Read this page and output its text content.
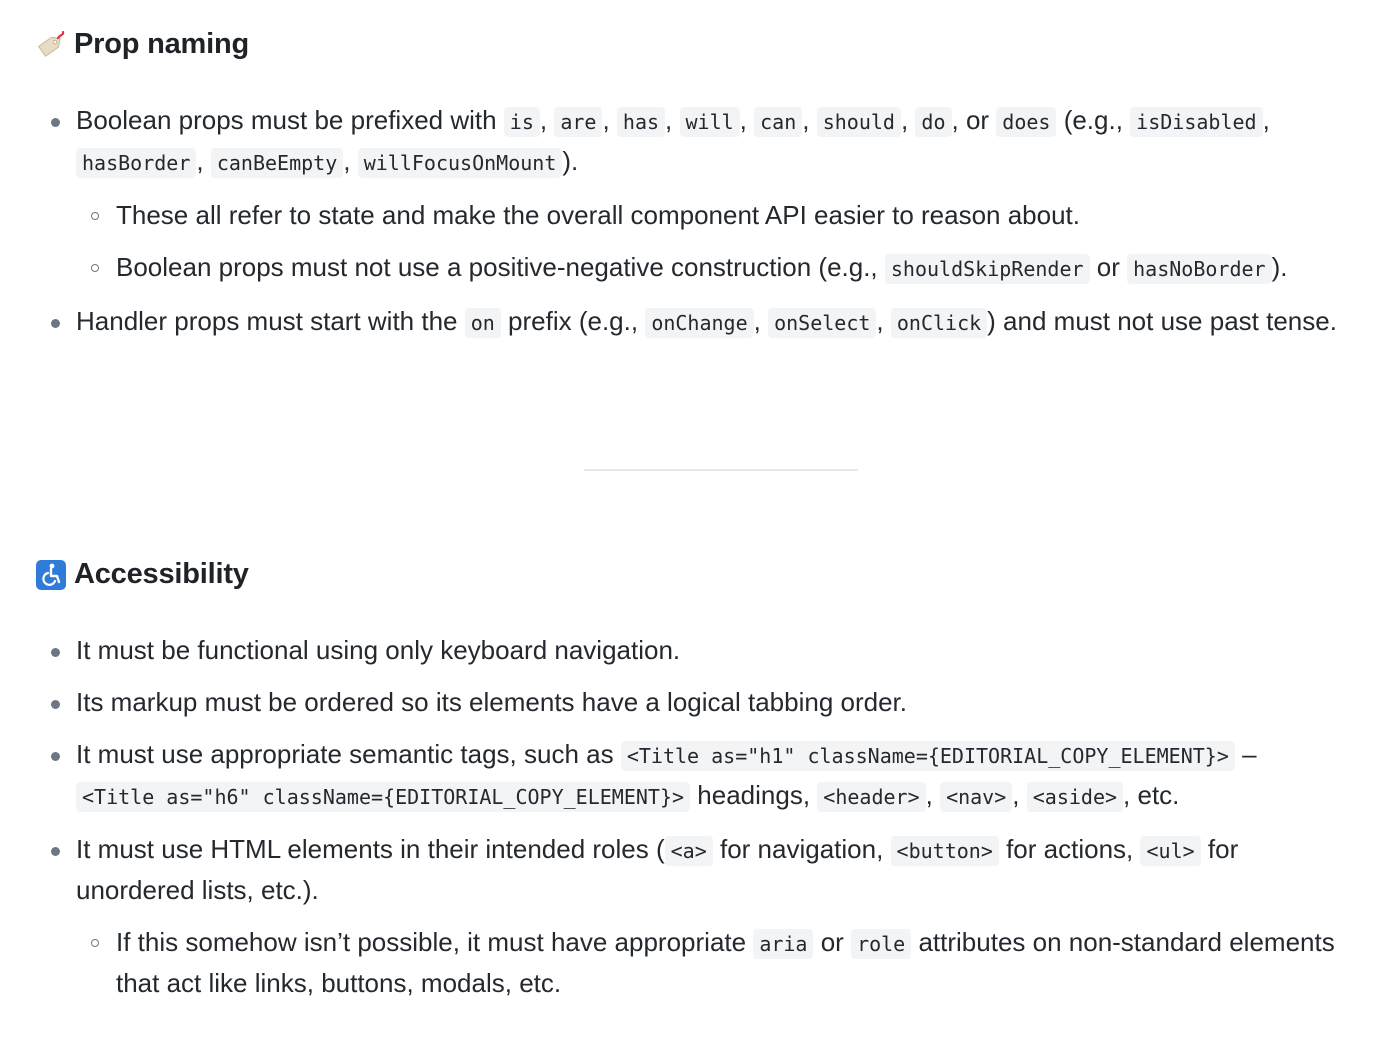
Prop naming
Boolean props must be prefixed with is , are , has , will , can , should , do , or does (e.g., isDisabled , hasBorder , canBeEmpty , willFocusOnMount ).
These all refer to state and make the overall component API easier to reason about.
Boolean props must not use a positive-negative construction (e.g., shouldSkipRender or hasNoBorder ).
Handler props must start with the on prefix (e.g., onChange , onSelect , onClick ) and must not use past tense.
Accessibility
It must be functional using only keyboard navigation.
Its markup must be ordered so its elements have a logical tabbing order.
It must use appropriate semantic tags, such as <Title as="h1" className={EDITORIAL_COPY_ELEMENT}> – <Title as="h6" className={EDITORIAL_COPY_ELEMENT}> headings, <header> , <nav> , <aside> , etc.
It must use HTML elements in their intended roles ( <a> for navigation, <button> for actions, <ul> for unordered lists, etc.).
If this somehow isn’t possible, it must have appropriate aria or role attributes on non-standard elements that act like links, buttons, modals, etc.
